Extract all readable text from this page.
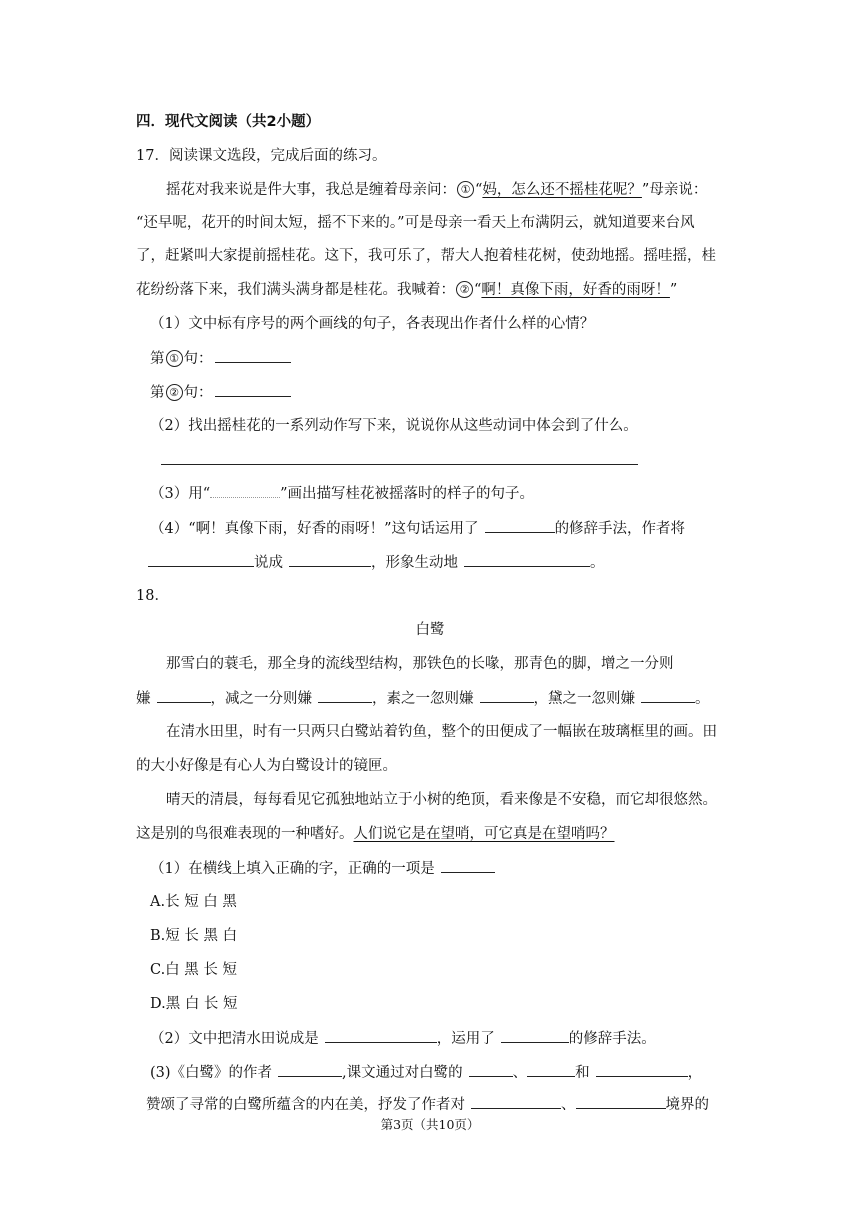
四．现代文阅读（共2小题）
17．阅读课文选段，完成后面的练习。
摇花对我来说是件大事，我总是缠着母亲问： ① “妈，怎么还不摇桂花呢？”母亲说：
“还早呢，花开的时间太短，摇不下来的。”可是母亲一看天上布满阴云，就知道要来台风
了，赶紧叫大家提前摇桂花。这下，我可乐了，帮大人抱着桂花树，使劲地摇。摇哇摇，桂
花纷纷落下来，我们满头满身都是桂花。我喊着： ② “啊！真像下雨，好香的雨呀！”
（1）文中标有序号的两个画线的句子，各表现出作者什么样的心情？
第 ① 句：
第 ② 句：
（2）找出摇桂花的一系列动作写下来，说说你从这些动词中体会到了什么。
（3）用“	”画出描写桂花被摇落时的样子的句子。
（4）“啊！真像下雨，好香的雨呀！”这句话运用了	的修辞手法，作者将
说成	，形象生动地	。
18．
白鹭
那雪白的蓑毛，那全身的流线型结构，那铁色的长喙，那青色的脚，增之一分则
嫌	，减之一分则嫌	，素之一忽则嫌	，黛之一忽则嫌	。
在清水田里，时有一只两只白鹭站着钓鱼，整个的田便成了一幅嵌在玻璃框里的画。田
的大小好像是有心人为白鹭设计的镜匣。
晴天的清晨，每每看见它孤独地站立于小树的绝顶，看来像是不安稳，而它却很悠然。
这是别的鸟很难表现的一种嗜好。人们说它是在望哨，可它真是在望哨吗？
（1）在横线上填入正确的字，正确的一项是
A.长 短 白 黑
B.短 长 黑 白
C.白 黑 长 短
D.黑 白 长 短
（2）文中把清水田说成是	，运用了	的修辞手法。
(3)《白鹭》的作者	,课文通过对白鹭的	、	和	，
赞颂了寻常的白鹭所蕴含的内在美，抒发了作者对	、	境界的
第3页（共10页）
